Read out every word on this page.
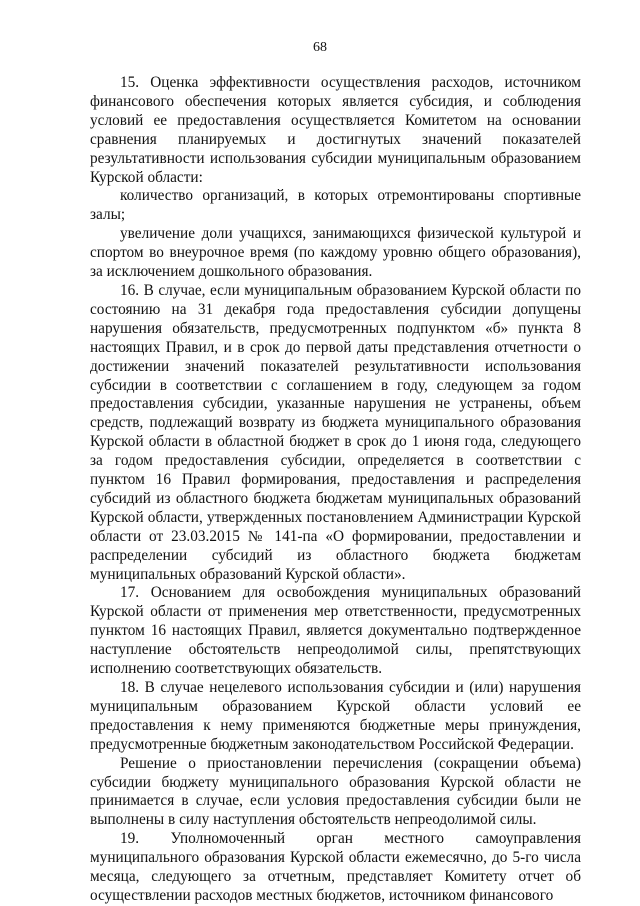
68

15. Оценка эффективности осуществления расходов, источником финансового обеспечения которых является субсидия, и соблюдения условий ее предоставления осуществляется Комитетом на основании сравнения планируемых и достигнутых значений показателей результативности использования субсидии муниципальным образованием Курской области:

количество организаций, в которых отремонтированы спортивные залы;

увеличение доли учащихся, занимающихся физической культурой и спортом во внеурочное время (по каждому уровню общего образования), за исключением дошкольного образования.

16. В случае, если муниципальным образованием Курской области по состоянию на 31 декабря года предоставления субсидии допущены нарушения обязательств, предусмотренных подпунктом «б» пункта 8 настоящих Правил, и в срок до первой даты представления отчетности о достижении значений показателей результативности использования субсидии в соответствии с соглашением в году, следующем за годом предоставления субсидии, указанные нарушения не устранены, объем средств, подлежащий возврату из бюджета муниципального образования Курской области в областной бюджет в срок до 1 июня года, следующего за годом предоставления субсидии, определяется в соответствии с пунктом 16 Правил формирования, предоставления и распределения субсидий из областного бюджета бюджетам муниципальных образований Курской области, утвержденных постановлением Администрации Курской области от 23.03.2015 № 141-па «О формировании, предоставлении и распределении субсидий из областного бюджета бюджетам муниципальных образований Курской области».

17. Основанием для освобождения муниципальных образований Курской области от применения мер ответственности, предусмотренных пунктом 16 настоящих Правил, является документально подтвержденное наступление обстоятельств непреодолимой силы, препятствующих исполнению соответствующих обязательств.

18. В случае нецелевого использования субсидии и (или) нарушения муниципальным образованием Курской области условий ее предоставления к нему применяются бюджетные меры принуждения, предусмотренные бюджетным законодательством Российской Федерации.

Решение о приостановлении перечисления (сокращении объема) субсидии бюджету муниципального образования Курской области не принимается в случае, если условия предоставления субсидии были не выполнены в силу наступления обстоятельств непреодолимой силы.

19. Уполномоченный орган местного самоуправления муниципального образования Курской области ежемесячно, до 5-го числа месяца, следующего за отчетным, представляет Комитету отчет об осуществлении расходов местных бюджетов, источником финансового
